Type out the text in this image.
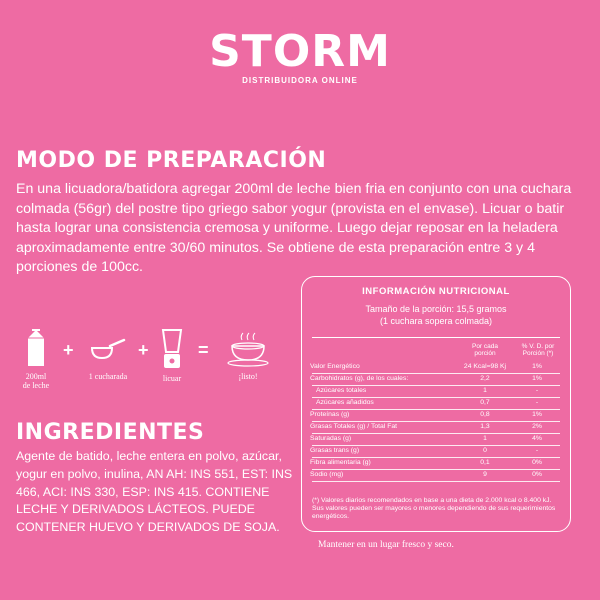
STORM
DISTRIBUIDORA ONLINE
MODO DE PREPARACIÓN
En una licuadora/batidora agregar 200ml de leche bien fria en conjunto con una cuchara colmada (56gr) del postre tipo griego sabor yogur (provista en el envase). Licuar o batir hasta lograr una consistencia cremosa y uniforme. Luego dejar reposar en la heladera aproximadamente entre 30/60 minutos. Se obtiene de esta preparación entre 3 y 4 porciones de 100cc.
200ml
de leche
+
1 cucharada
+
licuar
=
¡listo!
INGREDIENTES
Agente de batido, leche entera en polvo, azúcar, yogur en polvo, inulina, AN AH: INS 551, EST: INS 466, ACI: INS 330, ESP: INS 415. CONTIENE LECHE Y DERIVADOS LÁCTEOS. PUEDE CONTENER HUEVO Y DERIVADOS DE SOJA.
INFORMACIÓN NUTRICIONAL
Tamaño de la porción: 15,5 gramos
(1 cuchara sopera colmada)
Por cada
porción
% V. D. por
Porción (*)
Valor Energético	24 Kcal=98 Kj	1%
Carbohidratos (g), de los cuales:	2,2	1%
Azúcares totales	1	-
Azúcares añadidos	0,7	-
Proteínas (g)	0,8	1%
Grasas Totales (g) / Total Fat	1,3	2%
Saturadas (g)	1	4%
Grasas trans (g)	0	-
Fibra alimentaria (g)	0,1	0%
Sodio (mg)	9	0%
(*) Valores diarios recomendados en base a una dieta de 2.000 kcal o 8.400 kJ. Sus valores pueden ser mayores o menores dependiendo de sus requerimientos energéticos.
Mantener en un lugar fresco y seco.
